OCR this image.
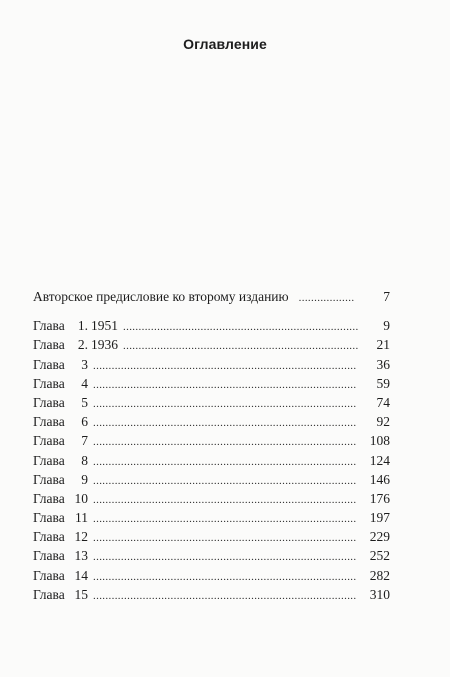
Оглавление
Авторское предисловие ко второму изданию . . .	7
Глава 1. 1951 . . .	9
Глава 2. 1936 . . .	21
Глава	3 . . .	36
Глава	4 . . .	59
Глава	5 . . .	74
Глава	6 . . .	92
Глава	7 . . .	108
Глава	8 . . .	124
Глава	9 . . .	146
Глава 10 . . .	176
Глава 11 . . .	197
Глава 12 . . .	229
Глава 13 . . .	252
Глава 14 . . .	282
Глава 15 . . .	310
